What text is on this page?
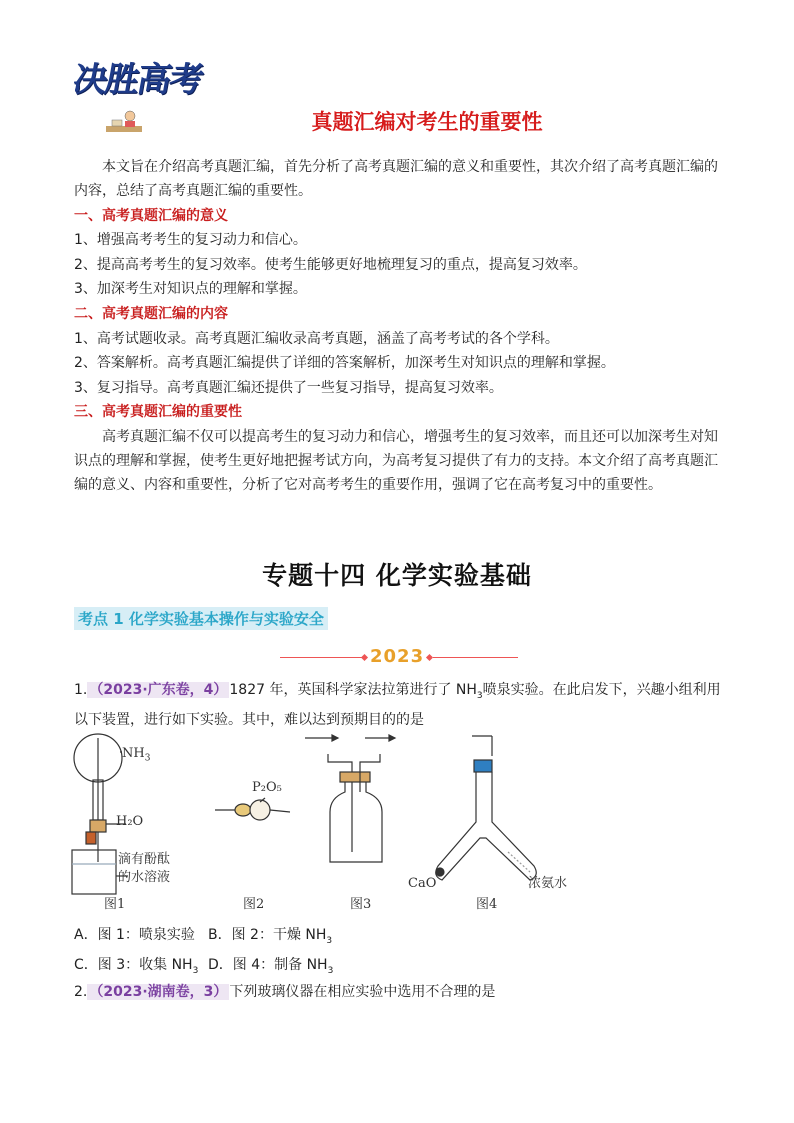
决胜高考
真题汇编对考生的重要性
本文旨在介绍高考真题汇编，首先分析了高考真题汇编的意义和重要性，其次介绍了高考真题汇编的内容，总结了高考真题汇编的重要性。
一、高考真题汇编的意义
1、增强高考考生的复习动力和信心。
2、提高高考考生的复习效率。使考生能够更好地梳理复习的重点，提高复习效率。
3、加深考生对知识点的理解和掌握。
二、高考真题汇编的内容
1、高考试题收录。高考真题汇编收录高考真题，涵盖了高考考试的各个学科。
2、答案解析。高考真题汇编提供了详细的答案解析，加深考生对知识点的理解和掌握。
3、复习指导。高考真题汇编还提供了一些复习指导，提高复习效率。
三、高考真题汇编的重要性
高考真题汇编不仅可以提高考生的复习动力和信心，增强考生的复习效率，而且还可以加深考生对知识点的理解和掌握，使考生更好地把握考试方向，为高考复习提供了有力的支持。本文介绍了高考真题汇编的意义、内容和重要性，分析了它对高考考生的重要作用，强调了它在高考复习中的重要性。
专题十四 化学实验基础
考点 1 化学实验基本操作与实验安全
2023
1. （2023·广东卷，4） 1827 年，英国科学家法拉第进行了 $NH_3$喷泉实验。在此启发下，兴趣小组利用以下装置，进行如下实验。其中，难以达到预期目的的是
$NH_3$
H₂O
滴有酚酞
的水溶液
P₂O₅
CaO	浓氨水
图1	图2	图3	图4
A．图 1：喷泉实验 B．图 2：干燥 $NH_3$
C．图 3：收集 $NH_3$ D．图 4：制备 $NH_3$
2. （2023·湖南卷，3） 下列玻璃仪器在相应实验中选用不合理的是
